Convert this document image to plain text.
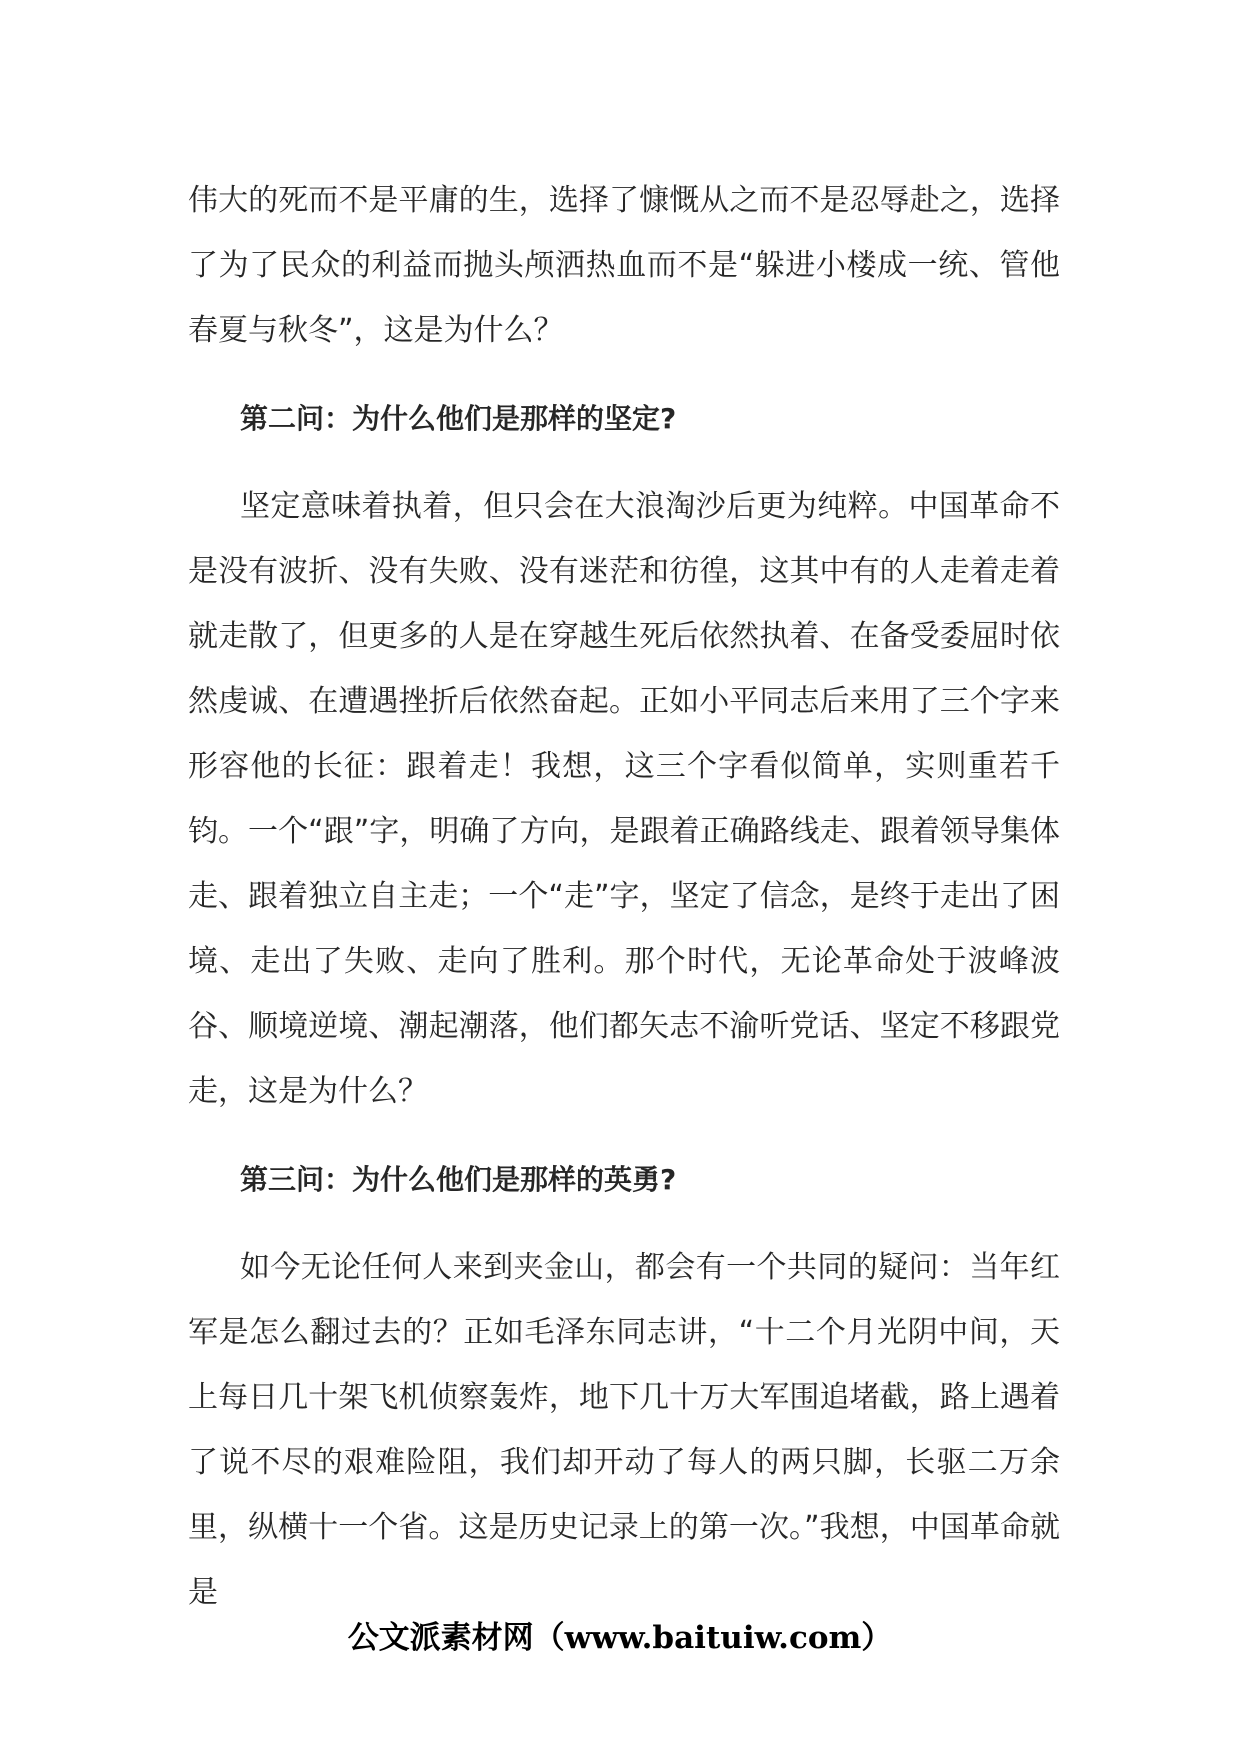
伟大的死而不是平庸的生，选择了慷慨从之而不是忍辱赴之，选择了为了民众的利益而抛头颅洒热血而不是“躲进小楼成一统、管他春夏与秋冬”，这是为什么？

第二问：为什么他们是那样的坚定?

坚定意味着执着，但只会在大浪淘沙后更为纯粹。中国革命不是没有波折、没有失败、没有迷茫和彷徨，这其中有的人走着走着就走散了，但更多的人是在穿越生死后依然执着、在备受委屈时依然虔诚、在遭遇挫折后依然奋起。正如小平同志后来用了三个字来形容他的长征：跟着走！我想，这三个字看似简单，实则重若千钧。一个“跟”字，明确了方向，是跟着正确路线走、跟着领导集体走、跟着独立自主走；一个“走”字，坚定了信念，是终于走出了困境、走出了失败、走向了胜利。那个时代，无论革命处于波峰波谷、顺境逆境、潮起潮落，他们都矢志不渝听党话、坚定不移跟党走，这是为什么？

第三问：为什么他们是那样的英勇?

如今无论任何人来到夹金山，都会有一个共同的疑问：当年红军是怎么翻过去的？正如毛泽东同志讲，“十二个月光阴中间，天上每日几十架飞机侦察轰炸，地下几十万大军围追堵截，路上遇着了说不尽的艰难险阻，我们却开动了每人的两只脚，长驱二万余里，纵横十一个省。这是历史记录上的第一次。”我想，中国革命就是

公文派素材网（www.baituiw.com）
